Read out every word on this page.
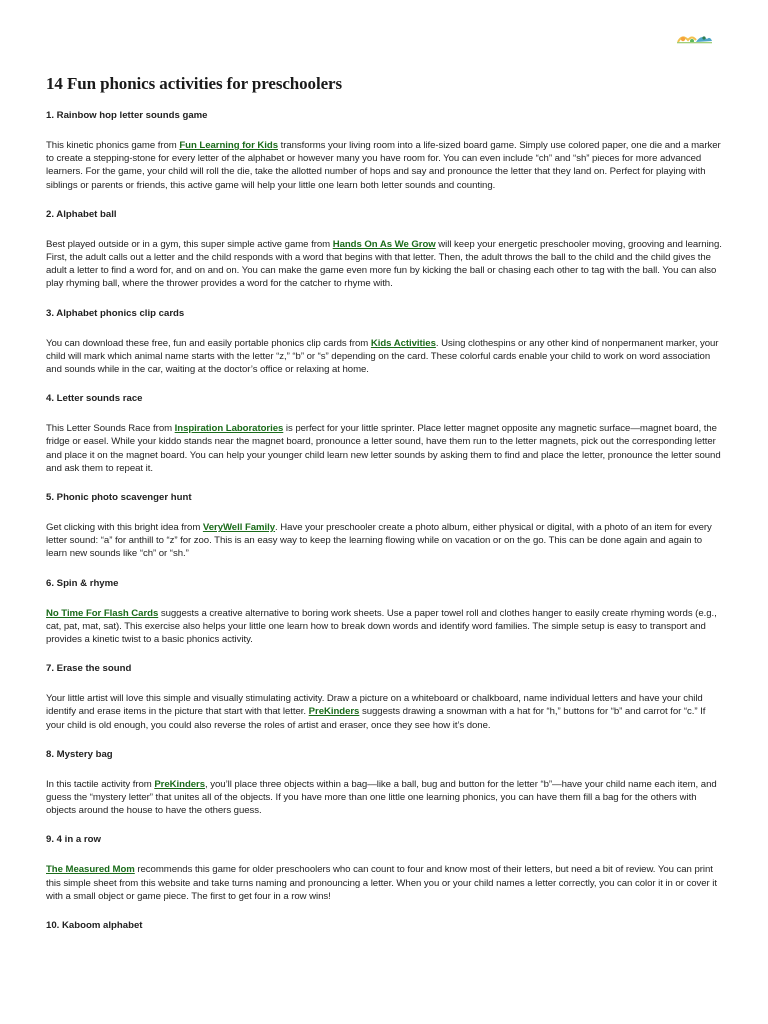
14 Fun phonics activities for preschoolers

1. Rainbow hop letter sounds game

This kinetic phonics game from Fun Learning for Kids transforms your living room into a life-sized board game. Simply use colored paper, one die and a marker to create a stepping-stone for every letter of the alphabet or however many you have room for. You can even include “ch” and “sh” pieces for more advanced learners. For the game, your child will roll the die, take the allotted number of hops and say and pronounce the letter that they land on. Perfect for playing with siblings or parents or friends, this active game will help your little one learn both letter sounds and counting.

2. Alphabet ball

Best played outside or in a gym, this super simple active game from Hands On As We Grow will keep your energetic preschooler moving, grooving and learning. First, the adult calls out a letter and the child responds with a word that begins with that letter. Then, the adult throws the ball to the child and the child gives the adult a letter to find a word for, and on and on. You can make the game even more fun by kicking the ball or chasing each other to tag with the ball. You can also play rhyming ball, where the thrower provides a word for the catcher to rhyme with.

3. Alphabet phonics clip cards

You can download these free, fun and easily portable phonics clip cards from Kids Activities. Using clothespins or any other kind of nonpermanent marker, your child will mark which animal name starts with the letter “z,” “b” or “s” depending on the card. These colorful cards enable your child to work on word association and sounds while in the car, waiting at the doctor’s office or relaxing at home.

4. Letter sounds race

This Letter Sounds Race from Inspiration Laboratories is perfect for your little sprinter. Place letter magnet opposite any magnetic surface—magnet board, the fridge or easel. While your kiddo stands near the magnet board, pronounce a letter sound, have them run to the letter magnets, pick out the corresponding letter and place it on the magnet board. You can help your younger child learn new letter sounds by asking them to find and place the letter, pronounce the letter sound and ask them to repeat it.

5. Phonic photo scavenger hunt

Get clicking with this bright idea from VeryWell Family. Have your preschooler create a photo album, either physical or digital, with a photo of an item for every letter sound: “a” for anthill to “z” for zoo. This is an easy way to keep the learning flowing while on vacation or on the go. This can be done again and again to learn new sounds like “ch” or “sh.”

6. Spin & rhyme

No Time For Flash Cards suggests a creative alternative to boring work sheets. Use a paper towel roll and clothes hanger to easily create rhyming words (e.g., cat, pat, mat, sat). This exercise also helps your little one learn how to break down words and identify word families. The simple setup is easy to transport and provides a kinetic twist to a basic phonics activity.

7. Erase the sound

Your little artist will love this simple and visually stimulating activity. Draw a picture on a whiteboard or chalkboard, name individual letters and have your child identify and erase items in the picture that start with that letter. PreKinders suggests drawing a snowman with a hat for “h,” buttons for “b” and carrot for “c.” If your child is old enough, you could also reverse the roles of artist and eraser, once they see how it’s done.

8. Mystery bag

In this tactile activity from PreKinders, you’ll place three objects within a bag—like a ball, bug and button for the letter “b”—have your child name each item, and guess the “mystery letter” that unites all of the objects. If you have more than one little one learning phonics, you can have them fill a bag for the others with objects around the house to have the others guess.

9. 4 in a row

The Measured Mom recommends this game for older preschoolers who can count to four and know most of their letters, but need a bit of review. You can print this simple sheet from this website and take turns naming and pronouncing a letter. When you or your child names a letter correctly, you can color it in or cover it with a small object or game piece. The first to get four in a row wins!

10. Kaboom alphabet
